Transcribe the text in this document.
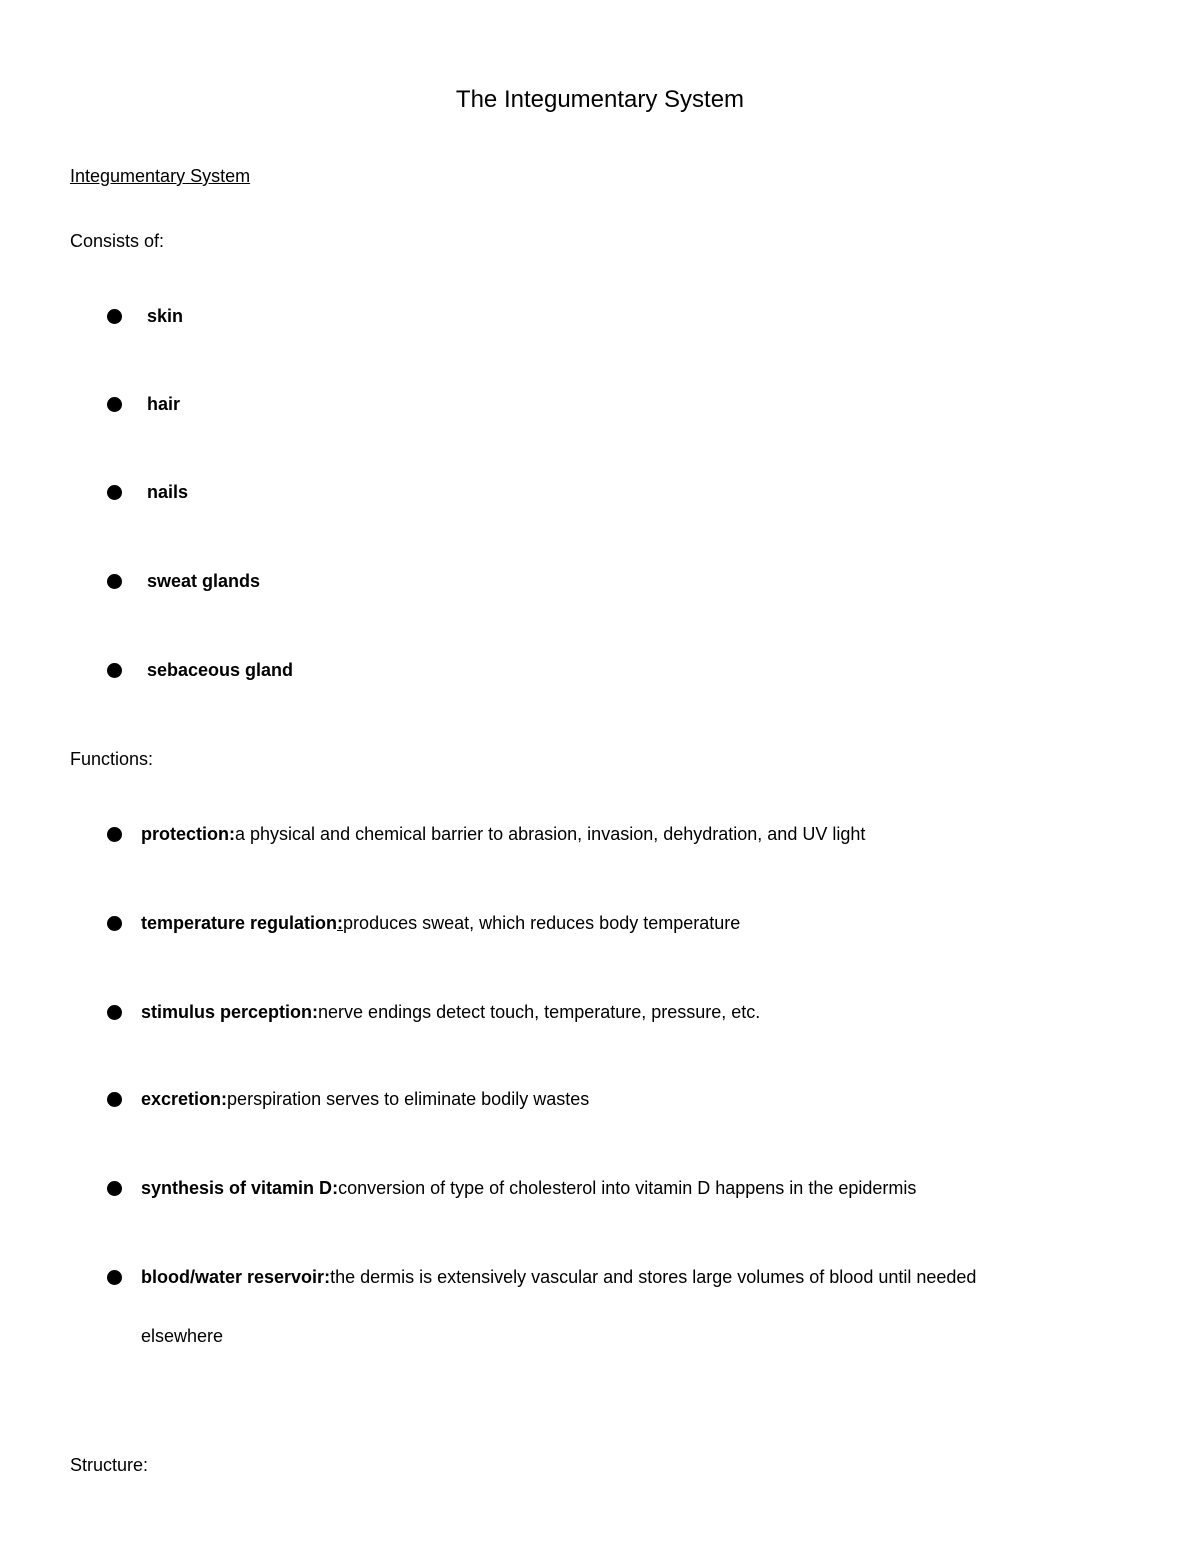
The Integumentary System
Integumentary System
Consists of:
skin
hair
nails
sweat glands
sebaceous gland
Functions:
protection : a physical and chemical barrier to abrasion, invasion, dehydration, and UV light
temperature regulation : produces sweat, which reduces body temperature
stimulus perception : nerve endings detect touch, temperature, pressure, etc.
excretion : perspiration serves to eliminate bodily wastes
synthesis of vitamin D : conversion of type of cholesterol into vitamin D happens in the epidermis
blood/water reservoir : the dermis is extensively vascular and stores large volumes of blood until needed
elsewhere
Structure:
